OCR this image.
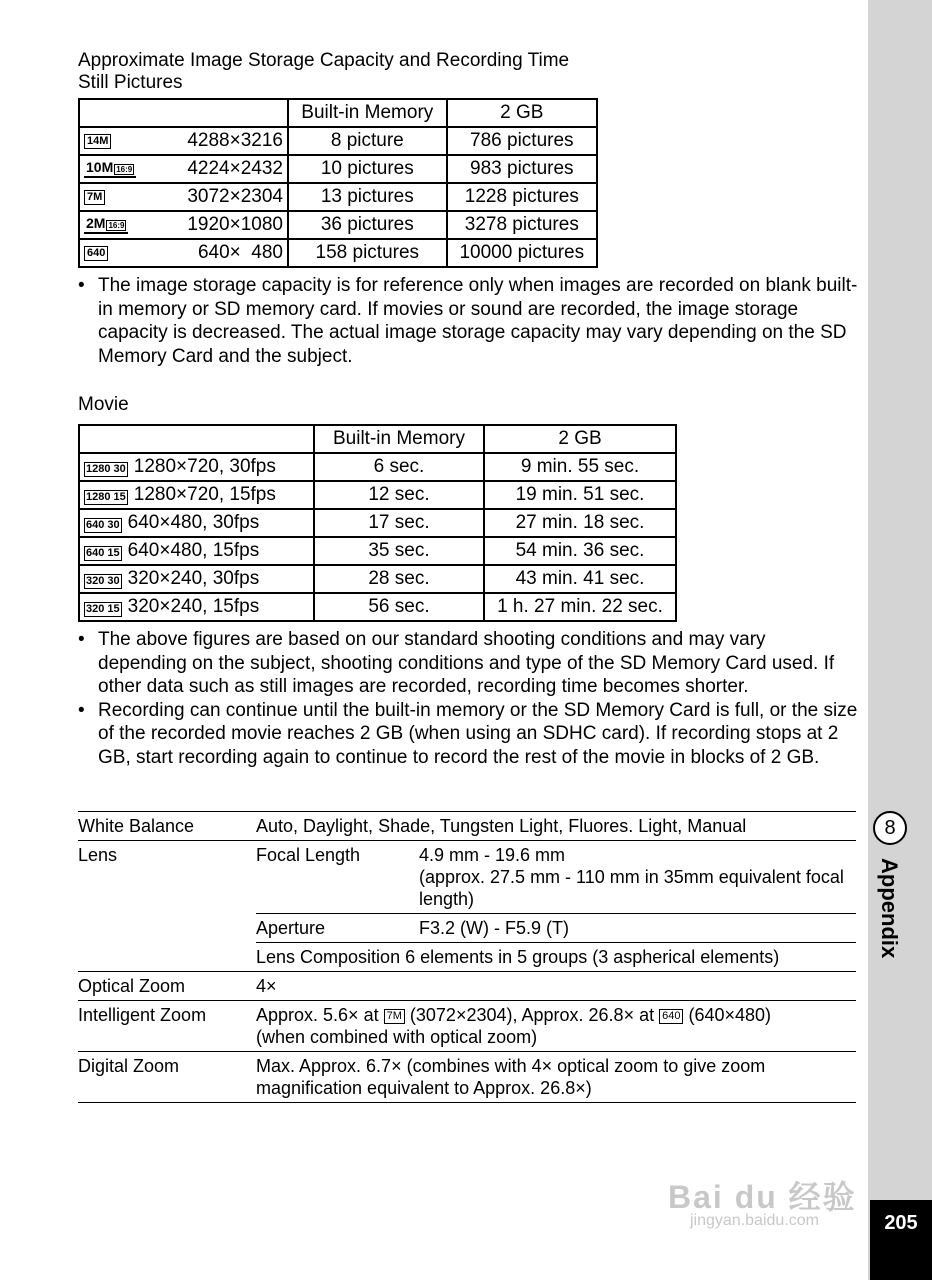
Approximate Image Storage Capacity and Recording Time
Still Pictures
	Built-in Memory	2 GB

14M 4288×3216	8 picture	786 pictures

10M 16:9 4224×2432	10 pictures	983 pictures

7M 3072×2304	13 pictures	1228 pictures

2M 16:9 1920×1080	36 pictures	3278 pictures

640 640×  480	158 pictures	10000 pictures
• The image storage capacity is for reference only when images are recorded on blank built-in memory or SD memory card. If movies or sound are recorded, the image storage capacity is decreased. The actual image storage capacity may vary depending on the SD Memory Card and the subject.
Movie
	Built-in Memory	2 GB
1280 30 1280×720, 30fps	6 sec.	9 min. 55 sec.
1280 15 1280×720, 15fps	12 sec.	19 min. 51 sec.
640 30 640×480, 30fps	17 sec.	27 min. 18 sec.
640 15 640×480, 15fps	35 sec.	54 min. 36 sec.
320 30 320×240, 30fps	28 sec.	43 min. 41 sec.
320 15 320×240, 15fps	56 sec.	1 h. 27 min. 22 sec.
• The above figures are based on our standard shooting conditions and may vary depending on the subject, shooting conditions and type of the SD Memory Card used. If other data such as still images are recorded, recording time becomes shorter.
• Recording can continue until the built-in memory or the SD Memory Card is full, or the size of the recorded movie reaches 2 GB (when using an SDHC card). If recording stops at 2 GB, start recording again to continue to record the rest of the movie in blocks of 2 GB.
White Balance	Auto, Daylight, Shade, Tungsten Light, Fluores. Light, Manual	
Lens	Focal Length	4.9 mm - 19.6 mm
(approx. 27.5 mm - 110 mm in 35mm equivalent focal length)

	Aperture	F3.2 (W) - F5.9 (T)
	Lens Composition 6 elements in 5 groups (3 aspherical elements)	
Optical Zoom	4×	
Intelligent Zoom	Approx. 5.6× at 7M (3072×2304), Approx. 26.8× at 640 (640×480)
(when combined with optical zoom)	

Digital Zoom	Max. Approx. 6.7× (combines with 4× optical zoom to give zoom magnification equivalent to Approx. 26.8×)	
8
Appendix
Bai du 经验
jingyan.baidu.com	205
